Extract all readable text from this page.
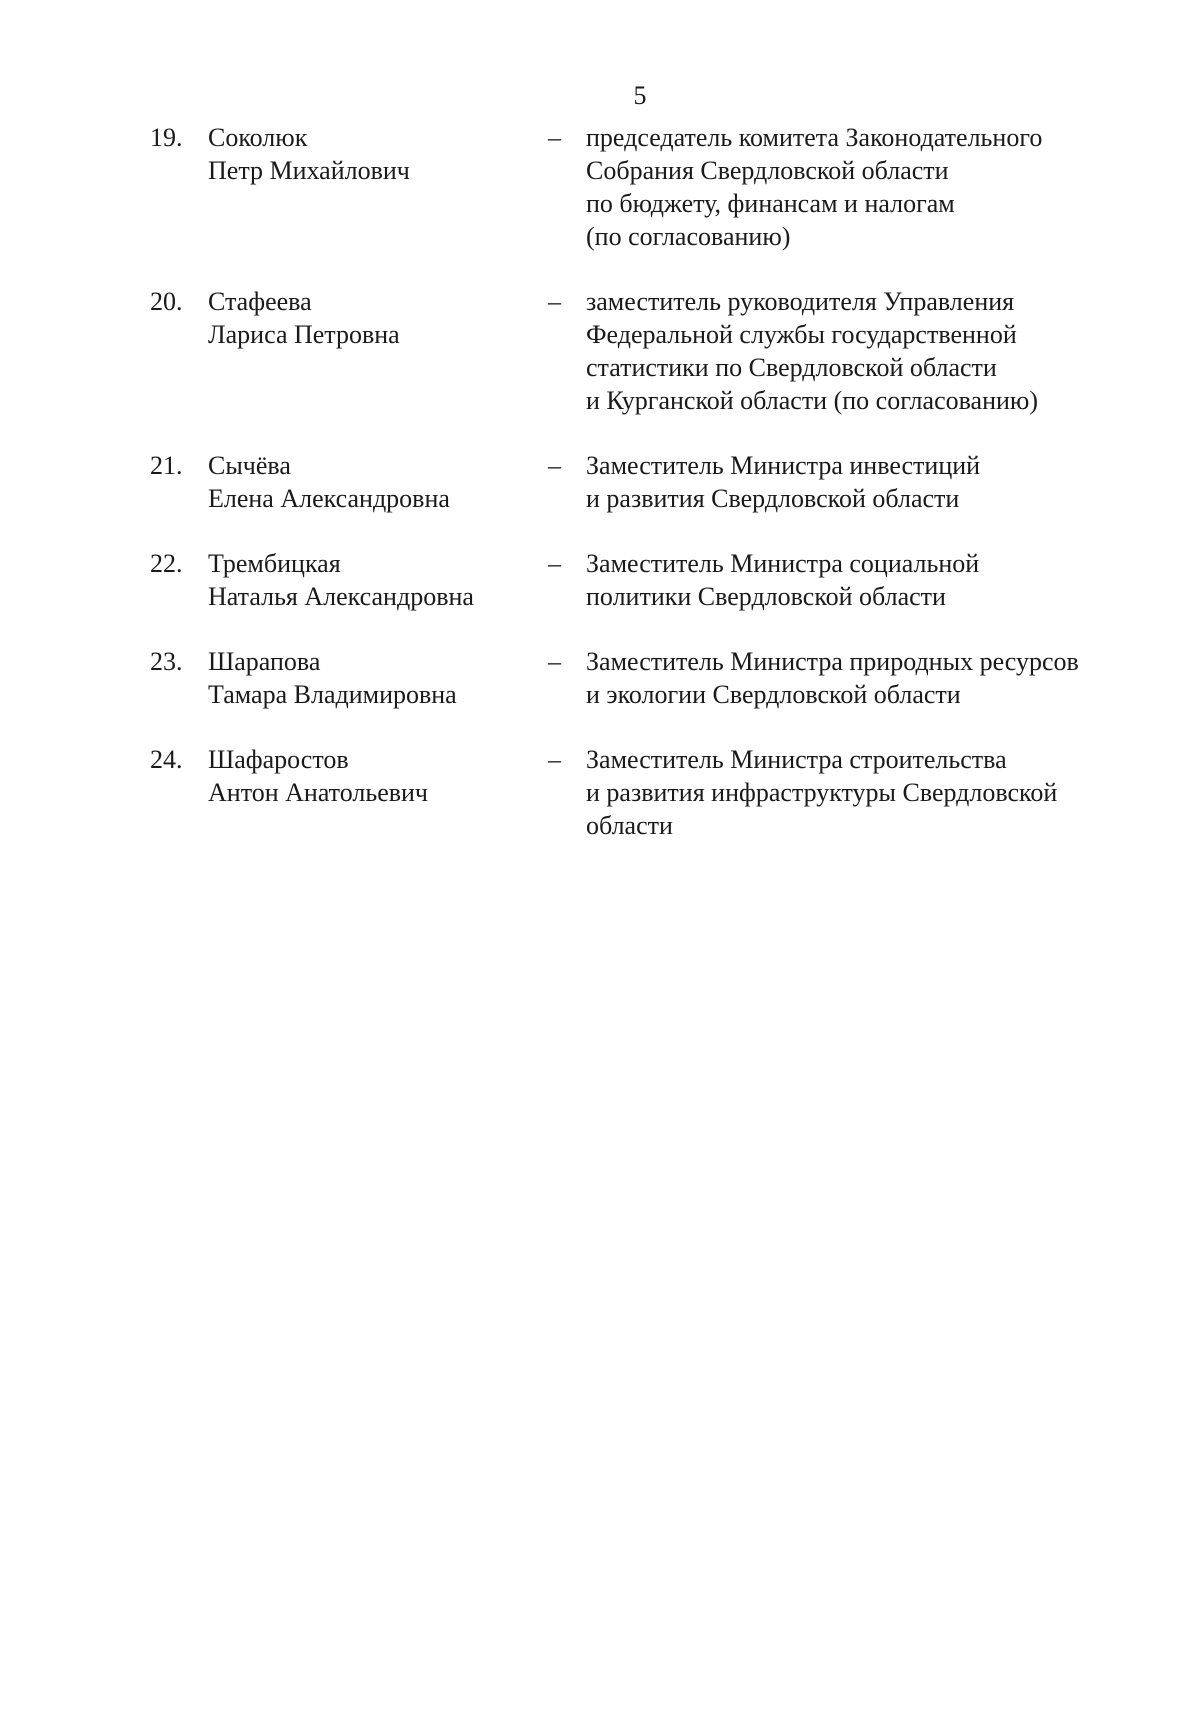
5
19. Соколюк
Петр Михайлович
– председатель комитета Законодательного
Собрания Свердловской области
по бюджету, финансам и налогам
(по согласованию)
20. Стафеева
Лариса Петровна
– заместитель руководителя Управления
Федеральной службы государственной
статистики по Свердловской области
и Курганской области (по согласованию)
21. Сычёва
Елена Александровна
– Заместитель Министра инвестиций
и развития Свердловской области
22. Трембицкая
Наталья Александровна
– Заместитель Министра социальной
политики Свердловской области
23. Шарапова
Тамара Владимировна
– Заместитель Министра природных ресурсов
и экологии Свердловской области
24. Шафаростов
Антон Анатольевич
– Заместитель Министра строительства
и развития инфраструктуры Свердловской
области
